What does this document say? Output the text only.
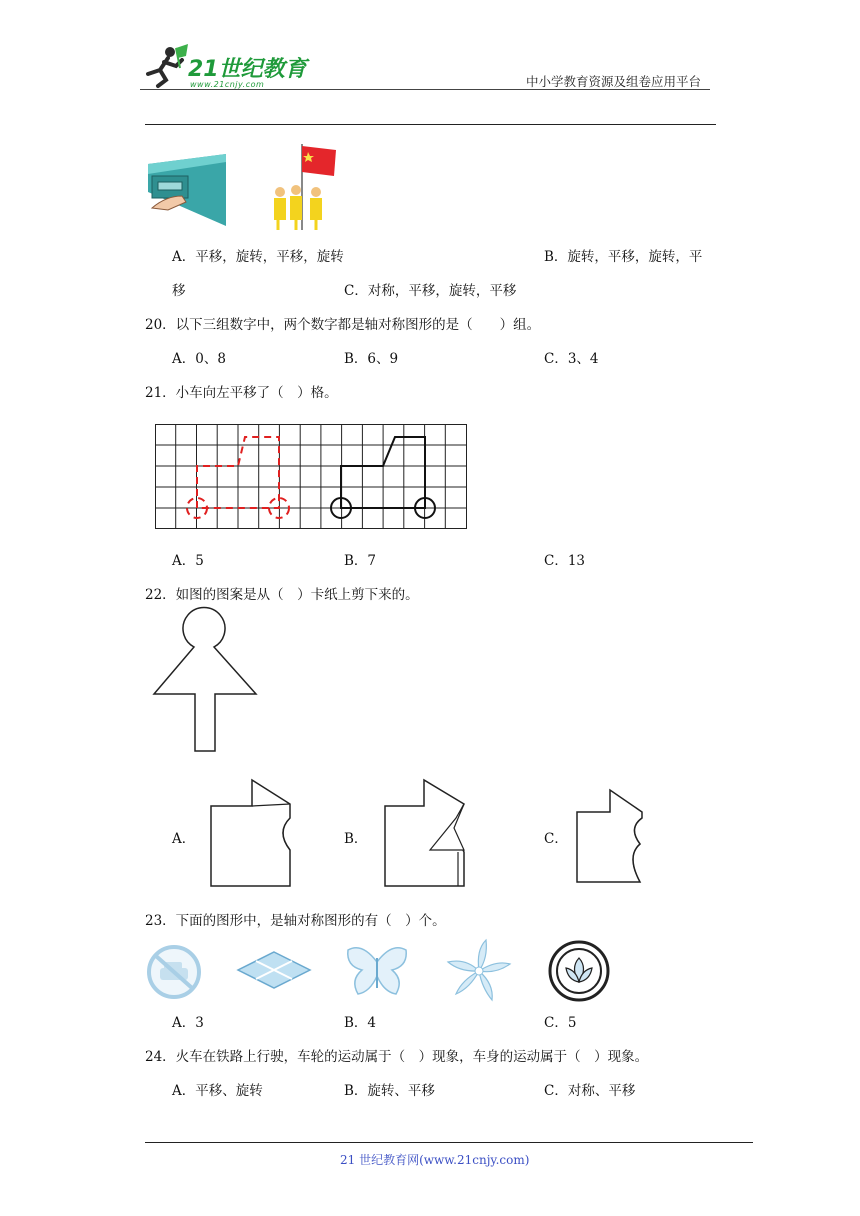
21世纪教育
www.21cnjy.com	中小学教育资源及组卷应用平台
A．平移，旋转，平移，旋转	B．旋转，平移，旋转，平
移	C．对称，平移，旋转，平移
20．以下三组数字中，两个数字都是轴对称图形的是（　　）组。
A．0、8	B．6、9	C．3、4
21．小车向左平移了（　）格。
A．5	B．7	C．13
22．如图的图案是从（　）卡纸上剪下来的。
A．	B．	C．
23．下面的图形中，是轴对称图形的有（　）个。
A．3	B．4	C．5
24．火车在铁路上行驶，车轮的运动属于（　）现象，车身的运动属于（　）现象。
A．平移、旋转	B．旋转、平移	C．对称、平移
21 世纪教育网(www.21cnjy.com)
